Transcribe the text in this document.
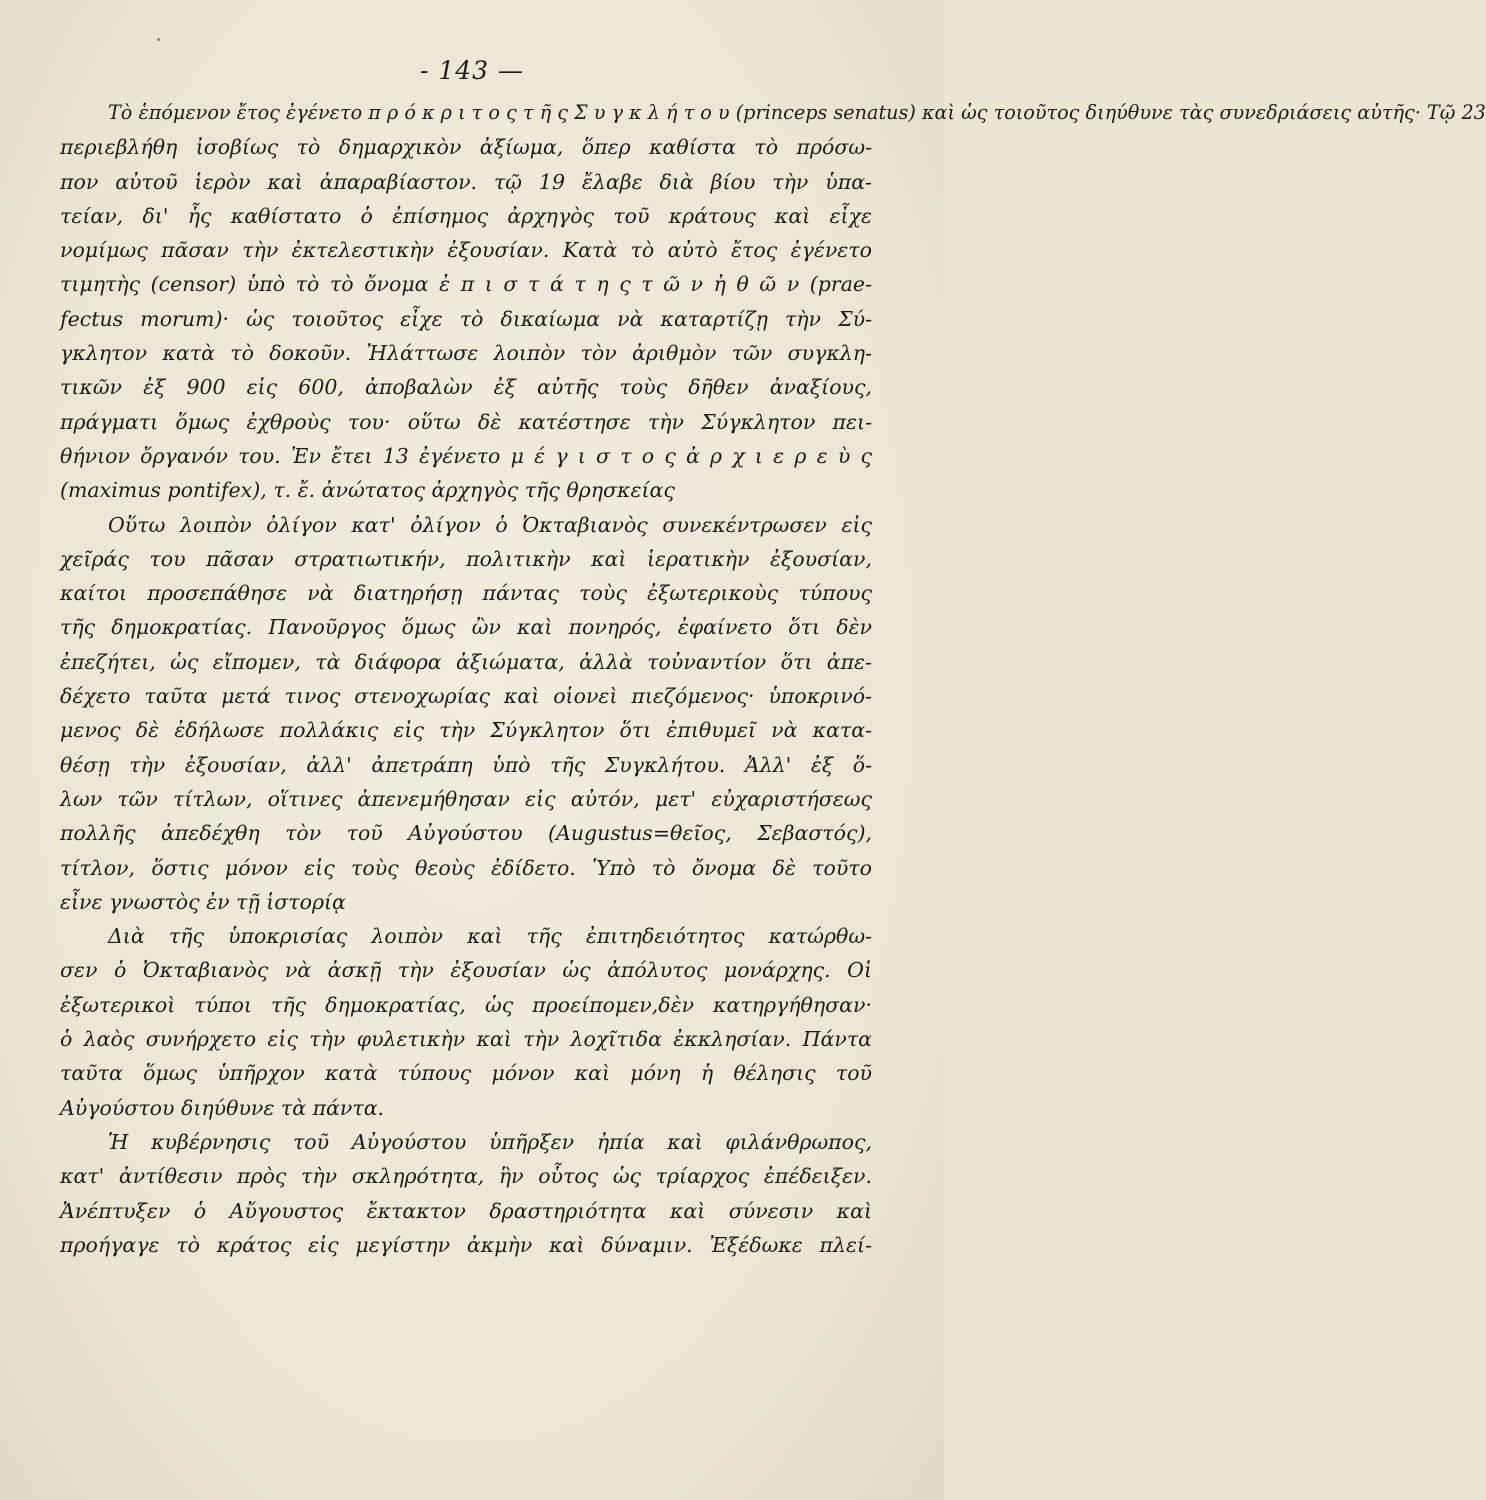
- 143 —
Τὸ ἑπόμενον ἔτος ἐγένετο π ρ ό κ ρ ι τ ο ς τ ῆ ς Σ υ γ κ λ ή τ ο υ (princeps senatus) καὶ ὡς τοιοῦτος διηύθυνε τὰς συνεδριάσεις αὐτῆς· Τῷ 23
περιεβλήθη ἰσοβίως τὸ δημαρχικὸν ἀξίωμα, ὅπερ καθίστα τὸ πρόσω-
πον αὐτοῦ ἱερὸν καὶ ἀπαραβίαστον. τῷ 19 ἔλαβε διὰ βίου τὴν ὑπα-
τείαν, δι' ἧς καθίστατο ὁ ἐπίσημος ἀρχηγὸς τοῦ κράτους καὶ εἶχε
νομίμως πᾶσαν τὴν ἐκτελεστικὴν ἐξουσίαν. Κατὰ τὸ αὐτὸ ἔτος ἐγένετο
τιμητὴς (censor) ὑπὸ τὸ τὸ ὄνομα ἐ π ι σ τ ά τ η ς τ ῶ ν ἠ θ ῶ ν (prae-
fectus morum)· ὡς τοιοῦτος εἶχε τὸ δικαίωμα νὰ καταρτίζῃ τὴν Σύ-
γκλητον κατὰ τὸ δοκοῦν. Ἠλάττωσε λοιπὸν τὸν ἀριθμὸν τῶν συγκλη-
τικῶν ἐξ 900 εἰς 600, ἀποβαλὼν ἐξ αὐτῆς τοὺς δῆθεν ἀναξίους,
πράγματι ὅμως ἐχθροὺς του· οὕτω δὲ κατέστησε τὴν Σύγκλητον πει-
θήνιον ὄργανόν του. Ἐν ἔτει 13 ἐγένετο μ έ γ ι σ τ ο ς ἀ ρ χ ι ε ρ ε ὺ ς
(maximus pontifex), τ. ἔ. ἀνώτατος ἀρχηγὸς τῆς θρησκείας
Οὕτω λοιπὸν ὀλίγον κατ' ὀλίγον ὁ Ὀκταβιανὸς συνεκέντρωσεν εἰς
χεῖράς του πᾶσαν στρατιωτικήν, πολιτικὴν καὶ ἱερατικὴν ἐξουσίαν,
καίτοι προσεπάθησε νὰ διατηρήσῃ πάντας τοὺς ἐξωτερικοὺς τύπους
τῆς δημοκρατίας. Πανοῦργος ὅμως ὢν καὶ πονηρός, ἐφαίνετο ὅτι δὲν
ἐπεζήτει, ὡς εἴπομεν, τὰ διάφορα ἀξιώματα, ἀλλὰ τοὐναντίον ὅτι ἀπε-
δέχετο ταῦτα μετά τινος στενοχωρίας καὶ οἱονεὶ πιεζόμενος· ὑποκρινό-
μενος δὲ ἐδήλωσε πολλάκις εἰς τὴν Σύγκλητον ὅτι ἐπιθυμεῖ νὰ κατα-
θέσῃ τὴν ἐξουσίαν, ἀλλ' ἀπετράπη ὑπὸ τῆς Συγκλήτου. Ἀλλ' ἐξ ὅ-
λων τῶν τίτλων, οἵτινες ἀπενεμήθησαν εἰς αὐτόν, μετ' εὐχαριστήσεως
πολλῆς ἀπεδέχθη τὸν τοῦ Αὐγούστου (Augustus=θεῖος, Σεβαστός),
τίτλον, ὅστις μόνον εἰς τοὺς θεοὺς ἐδίδετο. Ὑπὸ τὸ ὄνομα δὲ τοῦτο
εἶνε γνωστὸς ἐν τῇ ἱστορίᾳ
Διὰ τῆς ὑποκρισίας λοιπὸν καὶ τῆς ἐπιτηδειότητος κατώρθω-
σεν ὁ Ὀκταβιανὸς νὰ ἀσκῇ τὴν ἐξουσίαν ὡς ἀπόλυτος μονάρχης. Οἱ
ἐξωτερικοὶ τύποι τῆς δημοκρατίας, ὡς προείπομεν,δὲν κατηργήθησαν·
ὁ λαὸς συνήρχετο εἰς τὴν φυλετικὴν καὶ τὴν λοχῖτιδα ἐκκλησίαν. Πάντα
ταῦτα ὅμως ὑπῆρχον κατὰ τύπους μόνον καὶ μόνη ἡ θέλησις τοῦ
Αὐγούστου διηύθυνε τὰ πάντα.
Ἡ κυβέρνησις τοῦ Αὐγούστου ὑπῆρξεν ἠπία καὶ φιλάνθρωπος,
κατ' ἀντίθεσιν πρὸς τὴν σκληρότητα, ἣν οὗτος ὡς τρίαρχος ἐπέδειξεν.
Ἀνέπτυξεν ὁ Αὔγουστος ἔκτακτον δραστηριότητα καὶ σύνεσιν καὶ
προήγαγε τὸ κράτος εἰς μεγίστην ἀκμὴν καὶ δύναμιν. Ἐξέδωκε πλεί-
